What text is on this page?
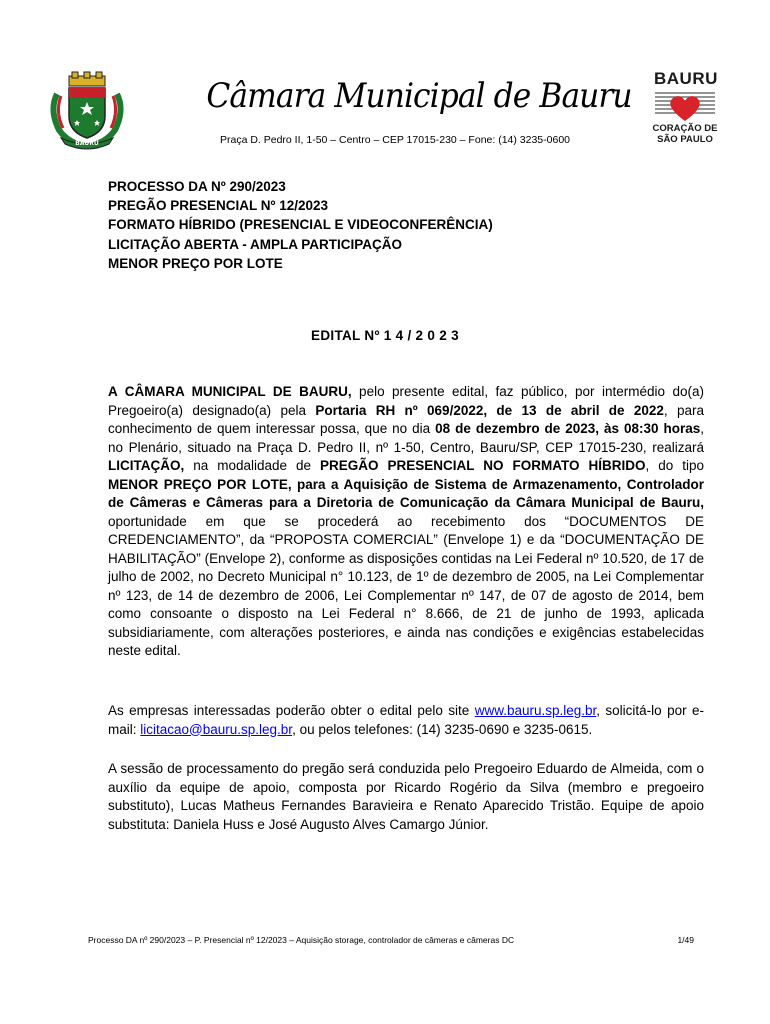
BAURU
Câmara Municipal de Bauru
Praça D. Pedro II, 1-50 – Centro – CEP 17015-230 – Fone: (14) 3235-0600
BAURU
CORAÇÃO DE
SÃO PAULO
PROCESSO DA Nº 290/2023
PREGÃO PRESENCIAL Nº 12/2023
FORMATO HÍBRIDO (PRESENCIAL E VIDEOCONFERÊNCIA)
LICITAÇÃO ABERTA - AMPLA PARTICIPAÇÃO
MENOR PREÇO POR LOTE
EDITAL Nº 1 4 / 2 0 2 3
A CÂMARA MUNICIPAL DE BAURU, pelo presente edital, faz público, por intermédio do(a) Pregoeiro(a) designado(a) pela Portaria RH nº 069/2022, de 13 de abril de 2022, para conhecimento de quem interessar possa, que no dia 08 de dezembro de 2023, às 08:30 horas, no Plenário, situado na Praça D. Pedro II, nº 1-50, Centro, Bauru/SP, CEP 17015-230, realizará LICITAÇÃO, na modalidade de PREGÃO PRESENCIAL NO FORMATO HÍBRIDO, do tipo MENOR PREÇO POR LOTE, para a Aquisição de Sistema de Armazenamento, Controlador de Câmeras e Câmeras para a Diretoria de Comunicação da Câmara Municipal de Bauru, oportunidade em que se procederá ao recebimento dos “DOCUMENTOS DE CREDENCIAMENTO”, da “PROPOSTA COMERCIAL” (Envelope 1) e da “DOCUMENTAÇÃO DE HABILITAÇÃO” (Envelope 2), conforme as disposições contidas na Lei Federal nº 10.520, de 17 de julho de 2002, no Decreto Municipal n° 10.123, de 1º de dezembro de 2005, na Lei Complementar nº 123, de 14 de dezembro de 2006, Lei Complementar nº 147, de 07 de agosto de 2014, bem como consoante o disposto na Lei Federal n° 8.666, de 21 de junho de 1993, aplicada subsidiariamente, com alterações posteriores, e ainda nas condições e exigências estabelecidas neste edital.
As empresas interessadas poderão obter o edital pelo site www.bauru.sp.leg.br, solicitá-lo por e-mail: licitacao@bauru.sp.leg.br, ou pelos telefones: (14) 3235-0690 e 3235-0615.
A sessão de processamento do pregão será conduzida pelo Pregoeiro Eduardo de Almeida, com o auxílio da equipe de apoio, composta por Ricardo Rogério da Silva (membro e pregoeiro substituto), Lucas Matheus Fernandes Baravieira e Renato Aparecido Tristão. Equipe de apoio substituta: Daniela Huss e José Augusto Alves Camargo Júnior.
Processo DA nº 290/2023 – P. Presencial nº 12/2023 – Aquisição storage, controlador de câmeras e câmeras DC	1/49
